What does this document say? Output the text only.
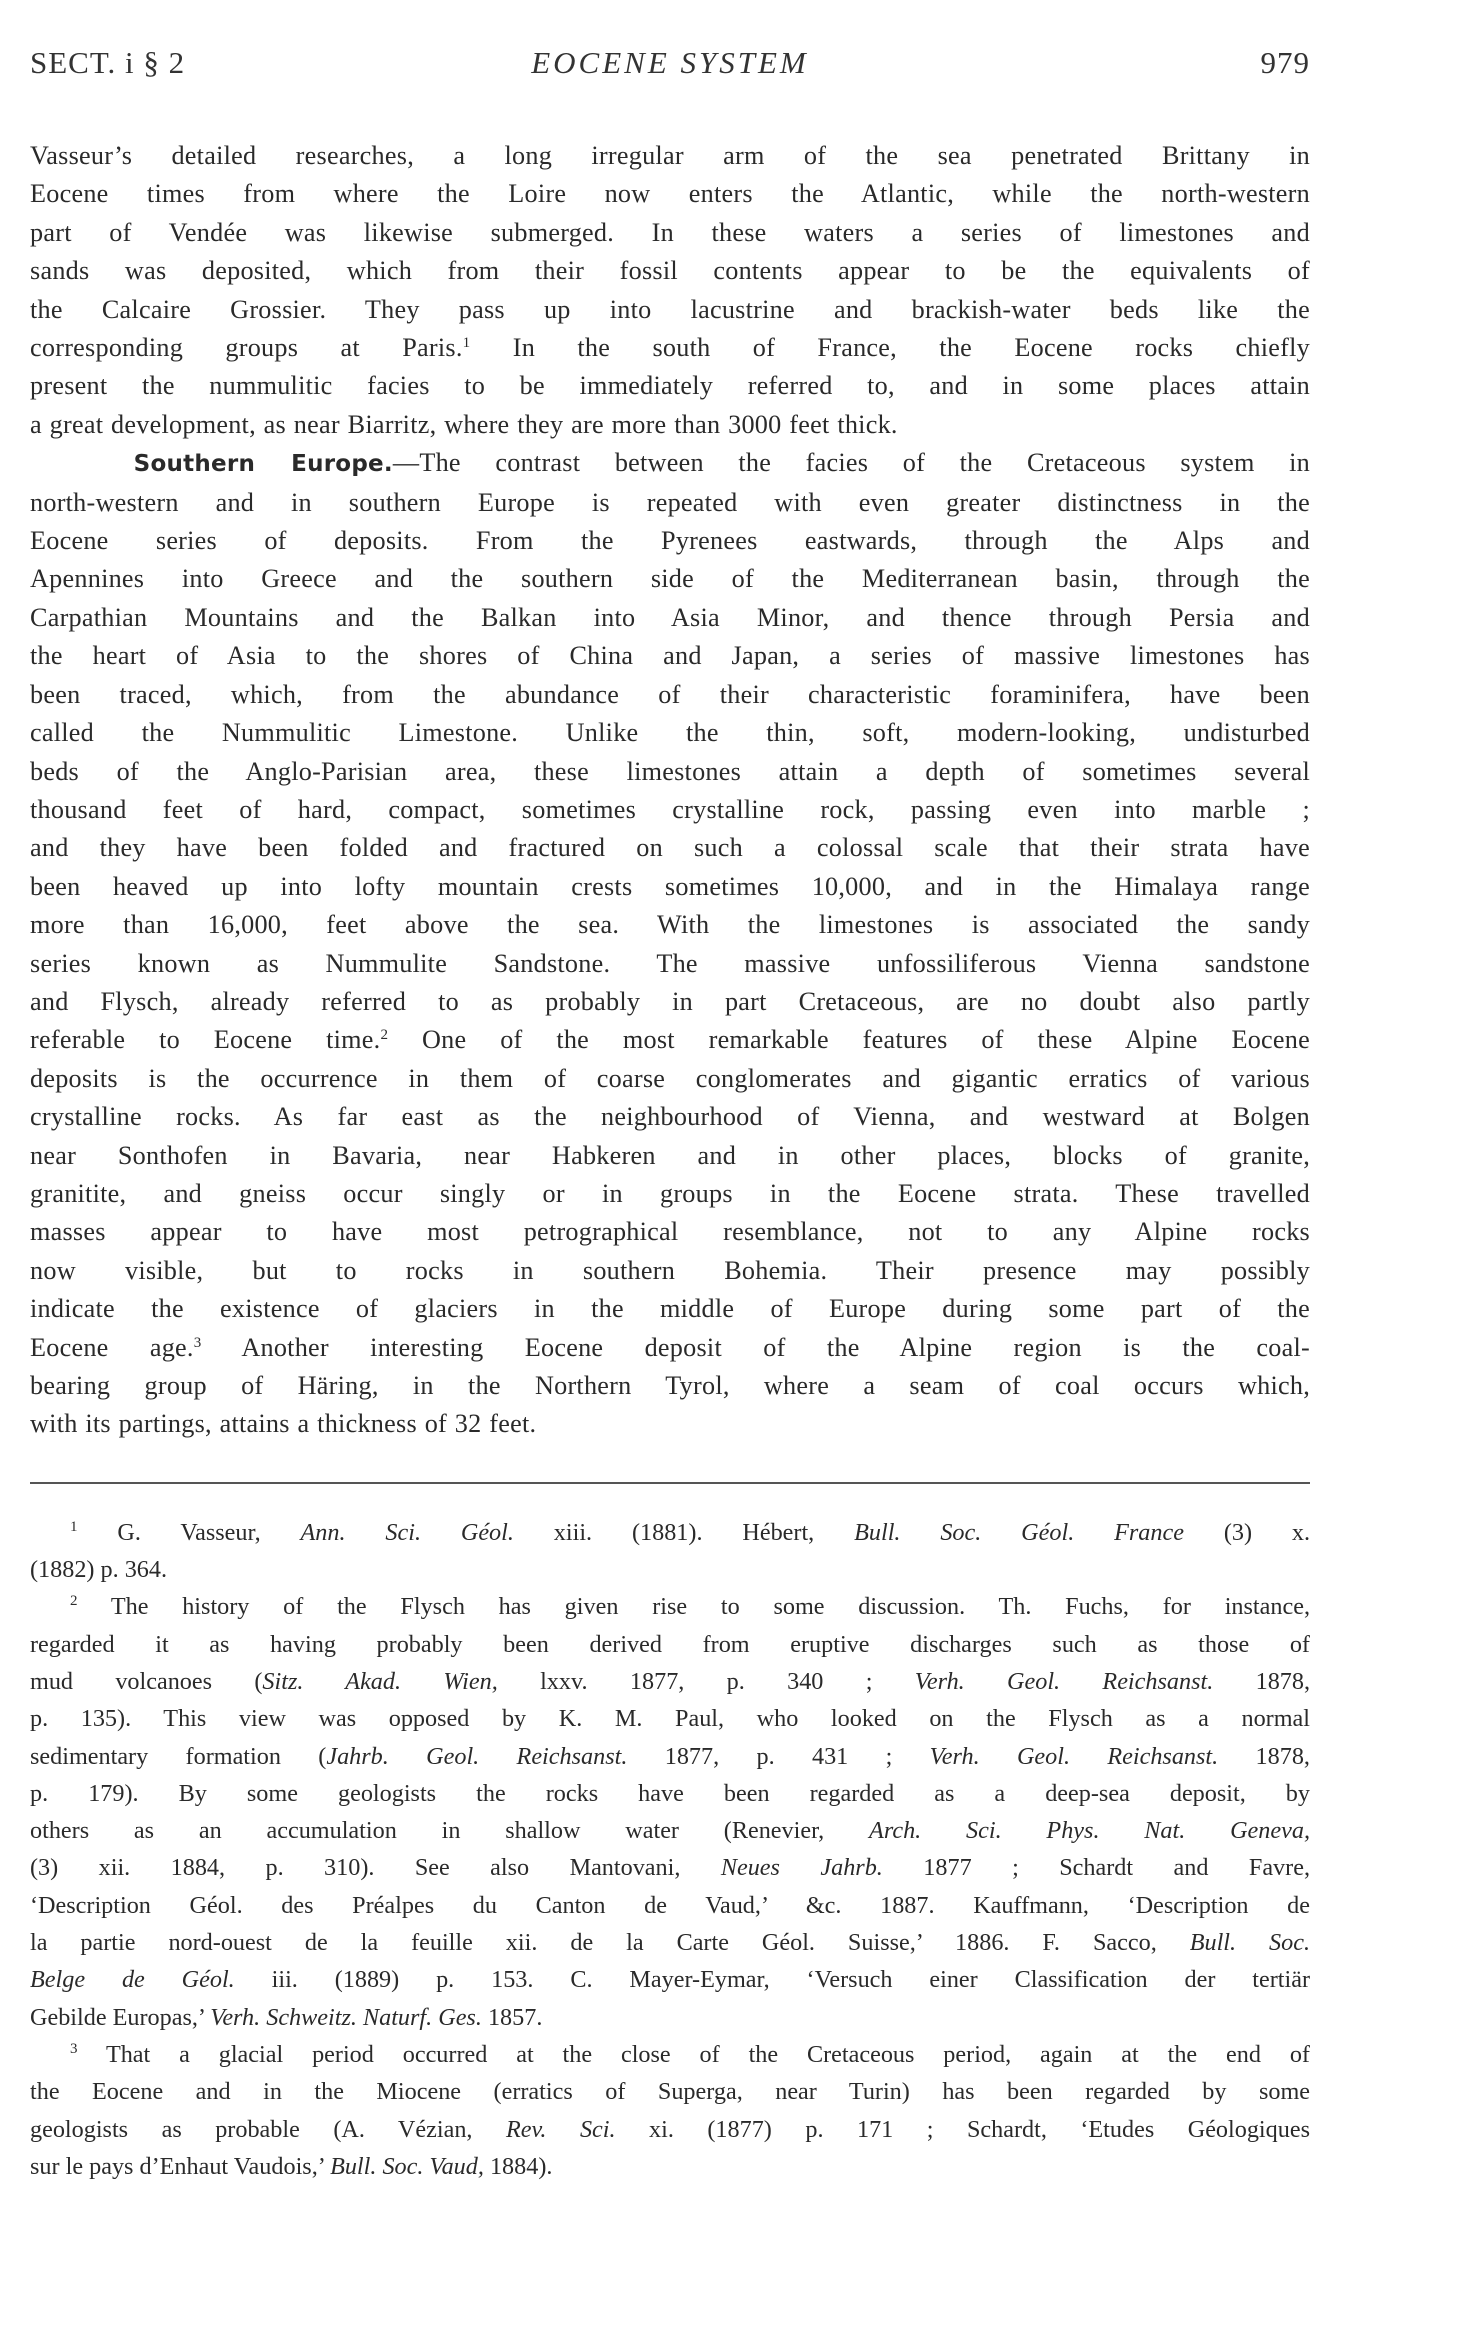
SECT. i § 2	EOCENE SYSTEM	979
Vasseur’s detailed researches, a long irregular arm of the sea penetrated Brittany in
Eocene times from where the Loire now enters the Atlantic, while the north-western
part of Vendée was likewise submerged. In these waters a series of limestones and
sands was deposited, which from their fossil contents appear to be the equivalents of
the Calcaire Grossier. They pass up into lacustrine and brackish-water beds like the
corresponding groups at Paris.$^1$ In the south of France, the Eocene rocks chiefly
present the nummulitic facies to be immediately referred to, and in some places attain
a great development, as near Biarritz, where they are more than 3000 feet thick.
Southern Europe.—The contrast between the facies of the Cretaceous system in
north-western and in southern Europe is repeated with even greater distinctness in the
Eocene series of deposits. From the Pyrenees eastwards, through the Alps and
Apennines into Greece and the southern side of the Mediterranean basin, through the
Carpathian Mountains and the Balkan into Asia Minor, and thence through Persia and
the heart of Asia to the shores of China and Japan, a series of massive limestones has
been traced, which, from the abundance of their characteristic foraminifera, have been
called the Nummulitic Limestone. Unlike the thin, soft, modern-looking, undisturbed
beds of the Anglo-Parisian area, these limestones attain a depth of sometimes several
thousand feet of hard, compact, sometimes crystalline rock, passing even into marble ;
and they have been folded and fractured on such a colossal scale that their strata have
been heaved up into lofty mountain crests sometimes 10,000, and in the Himalaya range
more than 16,000, feet above the sea. With the limestones is associated the sandy
series known as Nummulite Sandstone. The massive unfossiliferous Vienna sandstone
and Flysch, already referred to as probably in part Cretaceous, are no doubt also partly
referable to Eocene time.$^2$ One of the most remarkable features of these Alpine Eocene
deposits is the occurrence in them of coarse conglomerates and gigantic erratics of various
crystalline rocks. As far east as the neighbourhood of Vienna, and westward at Bolgen
near Sonthofen in Bavaria, near Habkeren and in other places, blocks of granite,
granitite, and gneiss occur singly or in groups in the Eocene strata. These travelled
masses appear to have most petrographical resemblance, not to any Alpine rocks
now visible, but to rocks in southern Bohemia. Their presence may possibly
indicate the existence of glaciers in the middle of Europe during some part of the
Eocene age.$^3$ Another interesting Eocene deposit of the Alpine region is the coal-
bearing group of Häring, in the Northern Tyrol, where a seam of coal occurs which,
with its partings, attains a thickness of 32 feet.
$^1$ G. Vasseur, Ann. Sci. Géol. xiii. (1881). Hébert, Bull. Soc. Géol. France (3) x.
(1882) p. 364.
$^2$ The history of the Flysch has given rise to some discussion. Th. Fuchs, for instance,
regarded it as having probably been derived from eruptive discharges such as those of
mud volcanoes (Sitz. Akad. Wien, lxxv. 1877, p. 340 ; Verh. Geol. Reichsanst. 1878,
p. 135). This view was opposed by K. M. Paul, who looked on the Flysch as a normal
sedimentary formation (Jahrb. Geol. Reichsanst. 1877, p. 431 ; Verh. Geol. Reichsanst. 1878,
p. 179). By some geologists the rocks have been regarded as a deep-sea deposit, by
others as an accumulation in shallow water (Renevier, Arch. Sci. Phys. Nat. Geneva,
(3) xii. 1884, p. 310). See also Mantovani, Neues Jahrb. 1877 ; Schardt and Favre,
‘Description Géol. des Préalpes du Canton de Vaud,’ &c. 1887. Kauffmann, ‘Description de
la partie nord-ouest de la feuille xii. de la Carte Géol. Suisse,’ 1886. F. Sacco, Bull. Soc.
Belge de Géol. iii. (1889) p. 153. C. Mayer-Eymar, ‘Versuch einer Classification der tertiär
Gebilde Europas,’ Verh. Schweitz. Naturf. Ges. 1857.
$^3$ That a glacial period occurred at the close of the Cretaceous period, again at the end of
the Eocene and in the Miocene (erratics of Superga, near Turin) has been regarded by some
geologists as probable (A. Vézian, Rev. Sci. xi. (1877) p. 171 ; Schardt, ‘Etudes Géologiques
sur le pays d’Enhaut Vaudois,’ Bull. Soc. Vaud, 1884).
